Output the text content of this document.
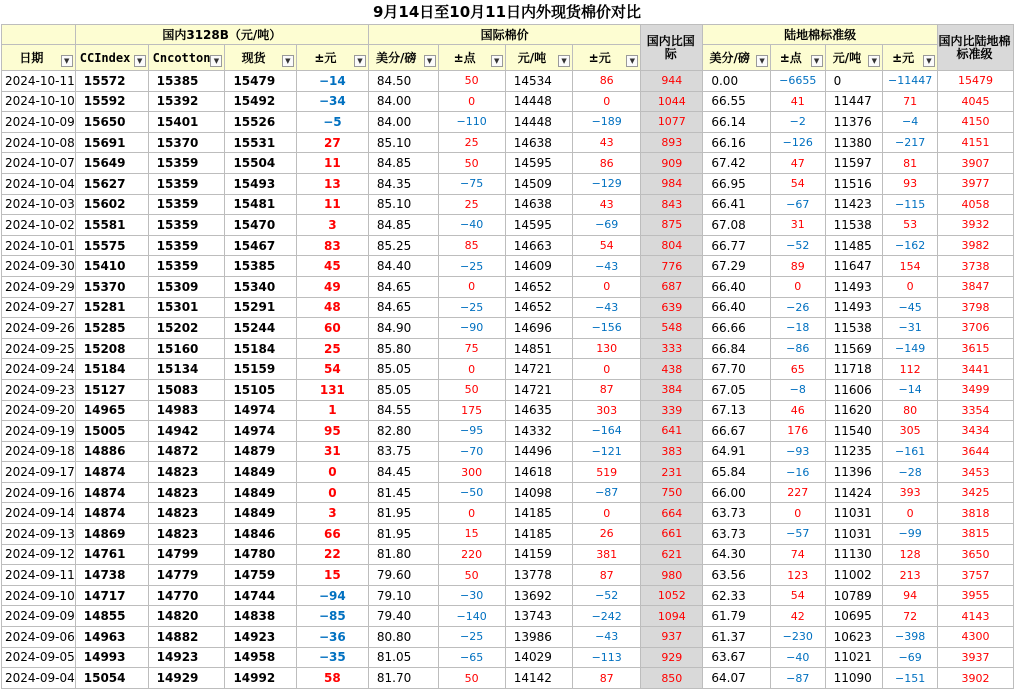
9月14日至10月11日内外现货棉价对比
	国内3128B（元/吨）				国际棉价				国内比国际	陆地棉标准级				国内比陆地棉标准级

日期 ▼	CCIndex ▼	Cncotton ▼	现货 ▼	±元 ▼	美分/磅 ▼	±点 ▼	元/吨 ▼	±元 ▼		美分/磅 ▼	±点 ▼	元/吨 ▼	±元 ▼	

2024-10-11	15572	15385	15479	−14	84.50	50	14534	86	944	0.00	−6655	0	−11447	15479
2024-10-10	15592	15392	15492	−34	84.00	0	14448	0	1044	66.55	41	11447	71	4045
2024-10-09	15650	15401	15526	−5	84.00	−110	14448	−189	1077	66.14	−2	11376	−4	4150
2024-10-08	15691	15370	15531	27	85.10	25	14638	43	893	66.16	−126	11380	−217	4151
2024-10-07	15649	15359	15504	11	84.85	50	14595	86	909	67.42	47	11597	81	3907
2024-10-04	15627	15359	15493	13	84.35	−75	14509	−129	984	66.95	54	11516	93	3977
2024-10-03	15602	15359	15481	11	85.10	25	14638	43	843	66.41	−67	11423	−115	4058
2024-10-02	15581	15359	15470	3	84.85	−40	14595	−69	875	67.08	31	11538	53	3932
2024-10-01	15575	15359	15467	83	85.25	85	14663	54	804	66.77	−52	11485	−162	3982
2024-09-30	15410	15359	15385	45	84.40	−25	14609	−43	776	67.29	89	11647	154	3738
2024-09-29	15370	15309	15340	49	84.65	0	14652	0	687	66.40	0	11493	0	3847
2024-09-27	15281	15301	15291	48	84.65	−25	14652	−43	639	66.40	−26	11493	−45	3798
2024-09-26	15285	15202	15244	60	84.90	−90	14696	−156	548	66.66	−18	11538	−31	3706
2024-09-25	15208	15160	15184	25	85.80	75	14851	130	333	66.84	−86	11569	−149	3615
2024-09-24	15184	15134	15159	54	85.05	0	14721	0	438	67.70	65	11718	112	3441
2024-09-23	15127	15083	15105	131	85.05	50	14721	87	384	67.05	−8	11606	−14	3499
2024-09-20	14965	14983	14974	1	84.55	175	14635	303	339	67.13	46	11620	80	3354
2024-09-19	15005	14942	14974	95	82.80	−95	14332	−164	641	66.67	176	11540	305	3434
2024-09-18	14886	14872	14879	31	83.75	−70	14496	−121	383	64.91	−93	11235	−161	3644
2024-09-17	14874	14823	14849	0	84.45	300	14618	519	231	65.84	−16	11396	−28	3453
2024-09-16	14874	14823	14849	0	81.45	−50	14098	−87	750	66.00	227	11424	393	3425
2024-09-14	14874	14823	14849	3	81.95	0	14185	0	664	63.73	0	11031	0	3818
2024-09-13	14869	14823	14846	66	81.95	15	14185	26	661	63.73	−57	11031	−99	3815
2024-09-12	14761	14799	14780	22	81.80	220	14159	381	621	64.30	74	11130	128	3650
2024-09-11	14738	14779	14759	15	79.60	50	13778	87	980	63.56	123	11002	213	3757
2024-09-10	14717	14770	14744	−94	79.10	−30	13692	−52	1052	62.33	54	10789	94	3955
2024-09-09	14855	14820	14838	−85	79.40	−140	13743	−242	1094	61.79	42	10695	72	4143
2024-09-06	14963	14882	14923	−36	80.80	−25	13986	−43	937	61.37	−230	10623	−398	4300
2024-09-05	14993	14923	14958	−35	81.05	−65	14029	−113	929	63.67	−40	11021	−69	3937
2024-09-04	15054	14929	14992	58	81.70	50	14142	87	850	64.07	−87	11090	−151	3902
